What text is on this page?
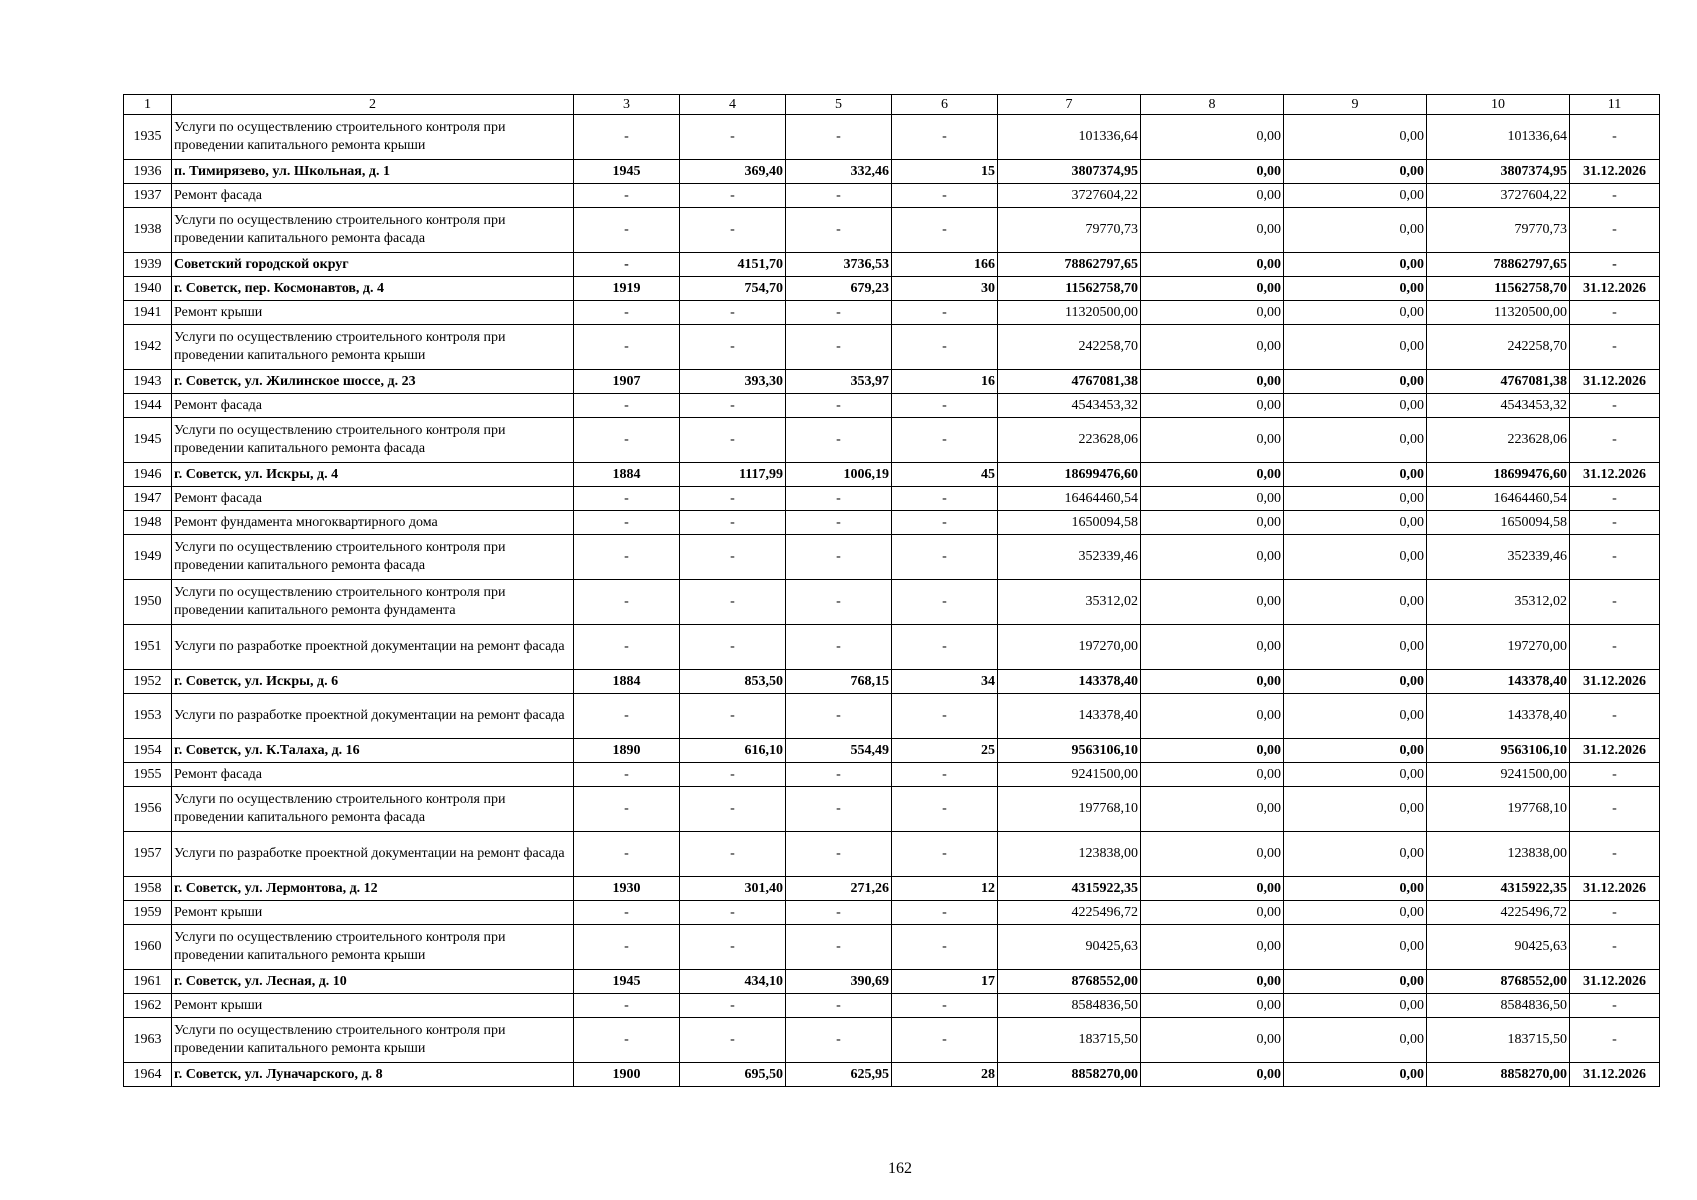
1	2	3	4	5	6	7	8	9	10	11
1935	Услуги по осуществлению строительного контроля при проведении капитального ремонта крыши	-	-	-	-	101336,64	0,00	0,00	101336,64	-
1936	п. Тимирязево, ул. Школьная, д. 1	1945	369,40	332,46	15	3807374,95	0,00	0,00	3807374,95	31.12.2026
1937	Ремонт фасада	-	-	-	-	3727604,22	0,00	0,00	3727604,22	-
1938	Услуги по осуществлению строительного контроля при проведении капитального ремонта фасада	-	-	-	-	79770,73	0,00	0,00	79770,73	-
1939	Советский городской округ	-	4151,70	3736,53	166	78862797,65	0,00	0,00	78862797,65	-
1940	г. Советск, пер. Космонавтов, д. 4	1919	754,70	679,23	30	11562758,70	0,00	0,00	11562758,70	31.12.2026
1941	Ремонт крыши	-	-	-	-	11320500,00	0,00	0,00	11320500,00	-
1942	Услуги по осуществлению строительного контроля при проведении капитального ремонта крыши	-	-	-	-	242258,70	0,00	0,00	242258,70	-
1943	г. Советск, ул. Жилинское шоссе, д. 23	1907	393,30	353,97	16	4767081,38	0,00	0,00	4767081,38	31.12.2026
1944	Ремонт фасада	-	-	-	-	4543453,32	0,00	0,00	4543453,32	-
1945	Услуги по осуществлению строительного контроля при проведении капитального ремонта фасада	-	-	-	-	223628,06	0,00	0,00	223628,06	-
1946	г. Советск, ул. Искры, д. 4	1884	1117,99	1006,19	45	18699476,60	0,00	0,00	18699476,60	31.12.2026
1947	Ремонт фасада	-	-	-	-	16464460,54	0,00	0,00	16464460,54	-
1948	Ремонт фундамента многоквартирного дома	-	-	-	-	1650094,58	0,00	0,00	1650094,58	-
1949	Услуги по осуществлению строительного контроля при проведении капитального ремонта фасада	-	-	-	-	352339,46	0,00	0,00	352339,46	-
1950	Услуги по осуществлению строительного контроля при проведении капитального ремонта фундамента	-	-	-	-	35312,02	0,00	0,00	35312,02	-
1951	Услуги по разработке проектной документации на ремонт фасада	-	-	-	-	197270,00	0,00	0,00	197270,00	-
1952	г. Советск, ул. Искры, д. 6	1884	853,50	768,15	34	143378,40	0,00	0,00	143378,40	31.12.2026
1953	Услуги по разработке проектной документации на ремонт фасада	-	-	-	-	143378,40	0,00	0,00	143378,40	-
1954	г. Советск, ул. К.Талаха, д. 16	1890	616,10	554,49	25	9563106,10	0,00	0,00	9563106,10	31.12.2026
1955	Ремонт фасада	-	-	-	-	9241500,00	0,00	0,00	9241500,00	-
1956	Услуги по осуществлению строительного контроля при проведении капитального ремонта фасада	-	-	-	-	197768,10	0,00	0,00	197768,10	-
1957	Услуги по разработке проектной документации на ремонт фасада	-	-	-	-	123838,00	0,00	0,00	123838,00	-
1958	г. Советск, ул. Лермонтова, д. 12	1930	301,40	271,26	12	4315922,35	0,00	0,00	4315922,35	31.12.2026
1959	Ремонт крыши	-	-	-	-	4225496,72	0,00	0,00	4225496,72	-
1960	Услуги по осуществлению строительного контроля при проведении капитального ремонта крыши	-	-	-	-	90425,63	0,00	0,00	90425,63	-
1961	г. Советск, ул. Лесная, д. 10	1945	434,10	390,69	17	8768552,00	0,00	0,00	8768552,00	31.12.2026
1962	Ремонт крыши	-	-	-	-	8584836,50	0,00	0,00	8584836,50	-
1963	Услуги по осуществлению строительного контроля при проведении капитального ремонта крыши	-	-	-	-	183715,50	0,00	0,00	183715,50	-
1964	г. Советск, ул. Луначарского, д. 8	1900	695,50	625,95	28	8858270,00	0,00	0,00	8858270,00	31.12.2026
162
